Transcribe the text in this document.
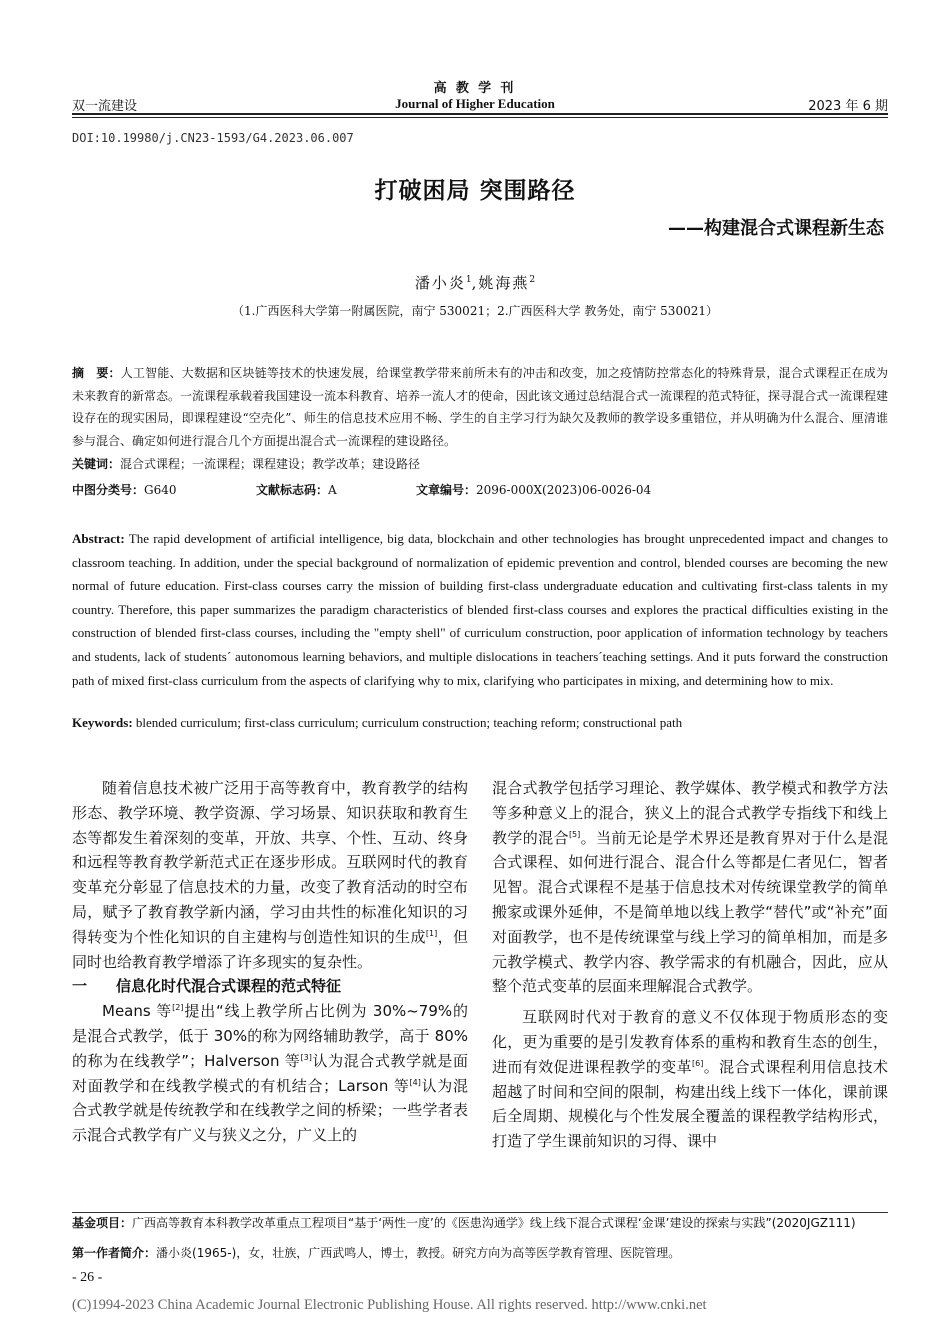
高 教 学 刊
双一流建设	Journal of Higher Education	2023 年 6 期
DOI:10.19980/j.CN23-1593/G4.2023.06.007
打破困局 突围路径
——构建混合式课程新生态
潘小炎$^1$,姚海燕$^2$
（1.广西医科大学第一附属医院，南宁 530021；2.广西医科大学 教务处，南宁 530021）
摘　要：人工智能、大数据和区块链等技术的快速发展，给课堂教学带来前所未有的冲击和改变，加之疫情防控常态化的特殊背景，混合式课程正在成为未来教育的新常态。一流课程承载着我国建设一流本科教育、培养一流人才的使命，因此该文通过总结混合式一流课程的范式特征，探寻混合式一流课程建设存在的现实困局，即课程建设“空壳化”、师生的信息技术应用不畅、学生的自主学习行为缺欠及教师的教学设多重错位，并从明确为什么混合、厘清谁参与混合、确定如何进行混合几个方面提出混合式一流课程的建设路径。
关键词：混合式课程；一流课程；课程建设；教学改革；建设路径
中图分类号：G640	文献标志码：A	文章编号：2096-000X(2023)06-0026-04
Abstract: The rapid development of artificial intelligence, big data, blockchain and other technologies has brought unprecedented impact and changes to classroom teaching. In addition, under the special background of normalization of epidemic prevention and control, blended courses are becoming the new normal of future education. First-class courses carry the mission of building first-class undergraduate education and cultivating first-class talents in my country. Therefore, this paper summarizes the paradigm characteristics of blended first-class courses and explores the practical difficulties existing in the construction of blended first-class courses, including the "empty shell" of curriculum construction, poor application of information technology by teachers and students, lack of students´ autonomous learning behaviors, and multiple dislocations in teachers´teaching settings. And it puts forward the construction path of mixed first-class curriculum from the aspects of clarifying why to mix, clarifying who participates in mixing, and determining how to mix.
Keywords: blended curriculum; first-class curriculum; curriculum construction; teaching reform; constructional path

随着信息技术被广泛用于高等教育中，教育教学的结构形态、教学环境、教学资源、学习场景、知识获取和教育生态等都发生着深刻的变革，开放、共享、个性、互动、终身和远程等教育教学新范式正在逐步形成。互联网时代的教育变革充分彰显了信息技术的力量，改变了教育活动的时空布局，赋予了教育教学新内涵，学习由共性的标准化知识的习得转变为个性化知识的自主建构与创造性知识的生成[1]，但同时也给教育教学增添了许多现实的复杂性。

一 信息化时代混合式课程的范式特征

Means 等[2]提出“线上教学所占比例为 30%~79%的是混合式教学，低于 30%的称为网络辅助教学，高于 80%的称为在线教学”；Halverson 等[3]认为混合式教学就是面对面教学和在线教学模式的有机结合；Larson 等[4]认为混合式教学就是传统教学和在线教学之间的桥梁；一些学者表示混合式教学有广义与狭义之分，广义上的

混合式教学包括学习理论、教学媒体、教学模式和教学方法等多种意义上的混合，狭义上的混合式教学专指线下和线上教学的混合[5]。当前无论是学术界还是教育界对于什么是混合式课程、如何进行混合、混合什么等都是仁者见仁，智者见智。混合式课程不是基于信息技术对传统课堂教学的简单搬家或课外延伸，不是简单地以线上教学“替代”或“补充”面对面教学，也不是传统课堂与线上学习的简单相加，而是多元教学模式、教学内容、教学需求的有机融合，因此，应从整个范式变革的层面来理解混合式教学。

互联网时代对于教育的意义不仅体现于物质形态的变化，更为重要的是引发教育体系的重构和教育生态的创生，进而有效促进课程教学的变革[6]。混合式课程利用信息技术超越了时间和空间的限制，构建出线上线下一体化，课前课后全周期、规模化与个性发展全覆盖的课程教学结构形式，打造了学生课前知识的习得、课中

基金项目：广西高等教育本科教学改革重点工程项目“基于‘两性一度’的《医患沟通学》线上线下混合式课程‘金课’建设的探索与实践”(2020JGZ111)
第一作者简介：潘小炎(1965-)，女，壮族，广西武鸣人，博士，教授。研究方向为高等医学教育管理、医院管理。
- 26 -
(C)1994-2023 China Academic Journal Electronic Publishing House. All rights reserved. http://www.cnki.net
